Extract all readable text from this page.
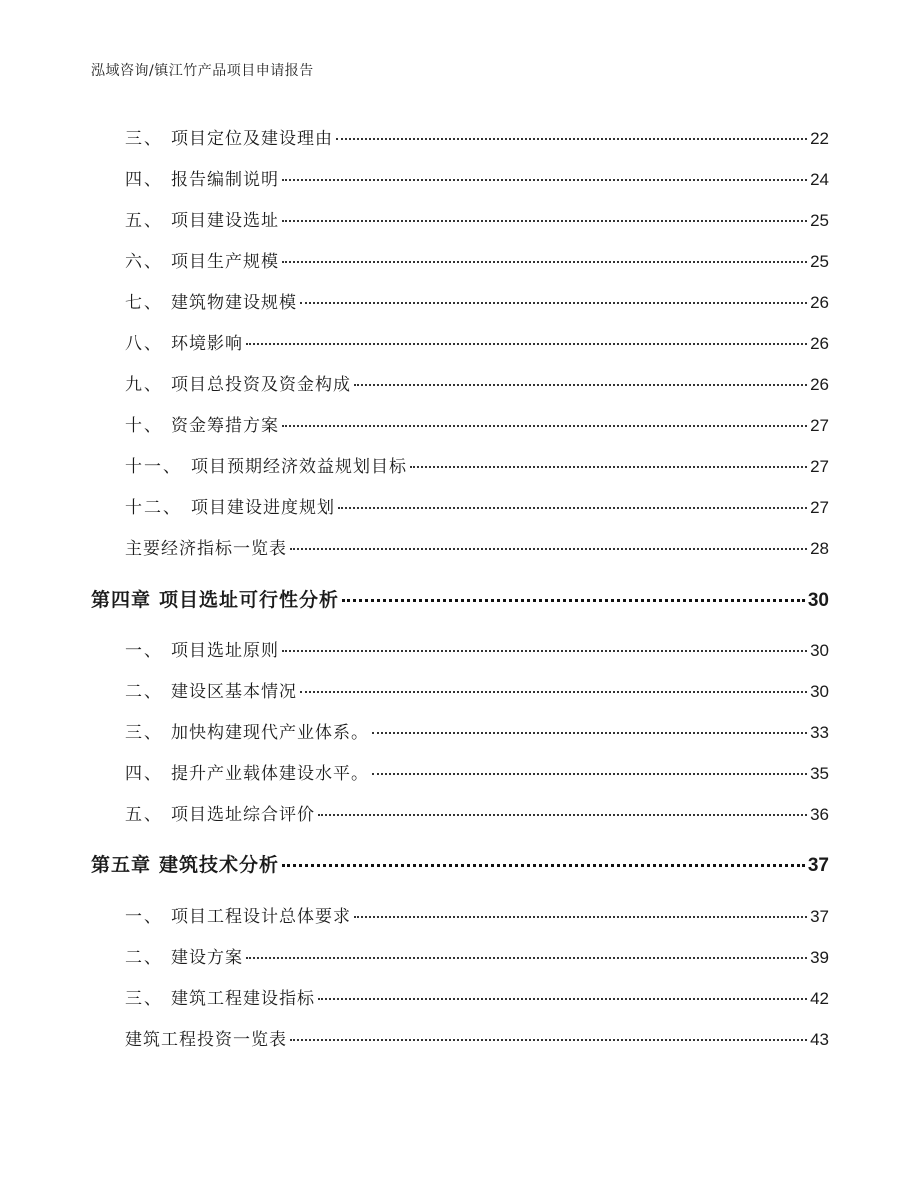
泓域咨询/镇江竹产品项目申请报告
三、 项目定位及建设理由	22
四、 报告编制说明	24
五、 项目建设选址	25
六、 项目生产规模	25
七、 建筑物建设规模	26
八、 环境影响	26
九、 项目总投资及资金构成	26
十、 资金筹措方案	27
十一、 项目预期经济效益规划目标	27
十二、 项目建设进度规划	27
主要经济指标一览表	28
第四章 项目选址可行性分析	30
一、 项目选址原则	30
二、 建设区基本情况	30
三、 加快构建现代产业体系。	33
四、 提升产业载体建设水平。	35
五、 项目选址综合评价	36
第五章 建筑技术分析	37
一、 项目工程设计总体要求	37
二、 建设方案	39
三、 建筑工程建设指标	42
建筑工程投资一览表	43
